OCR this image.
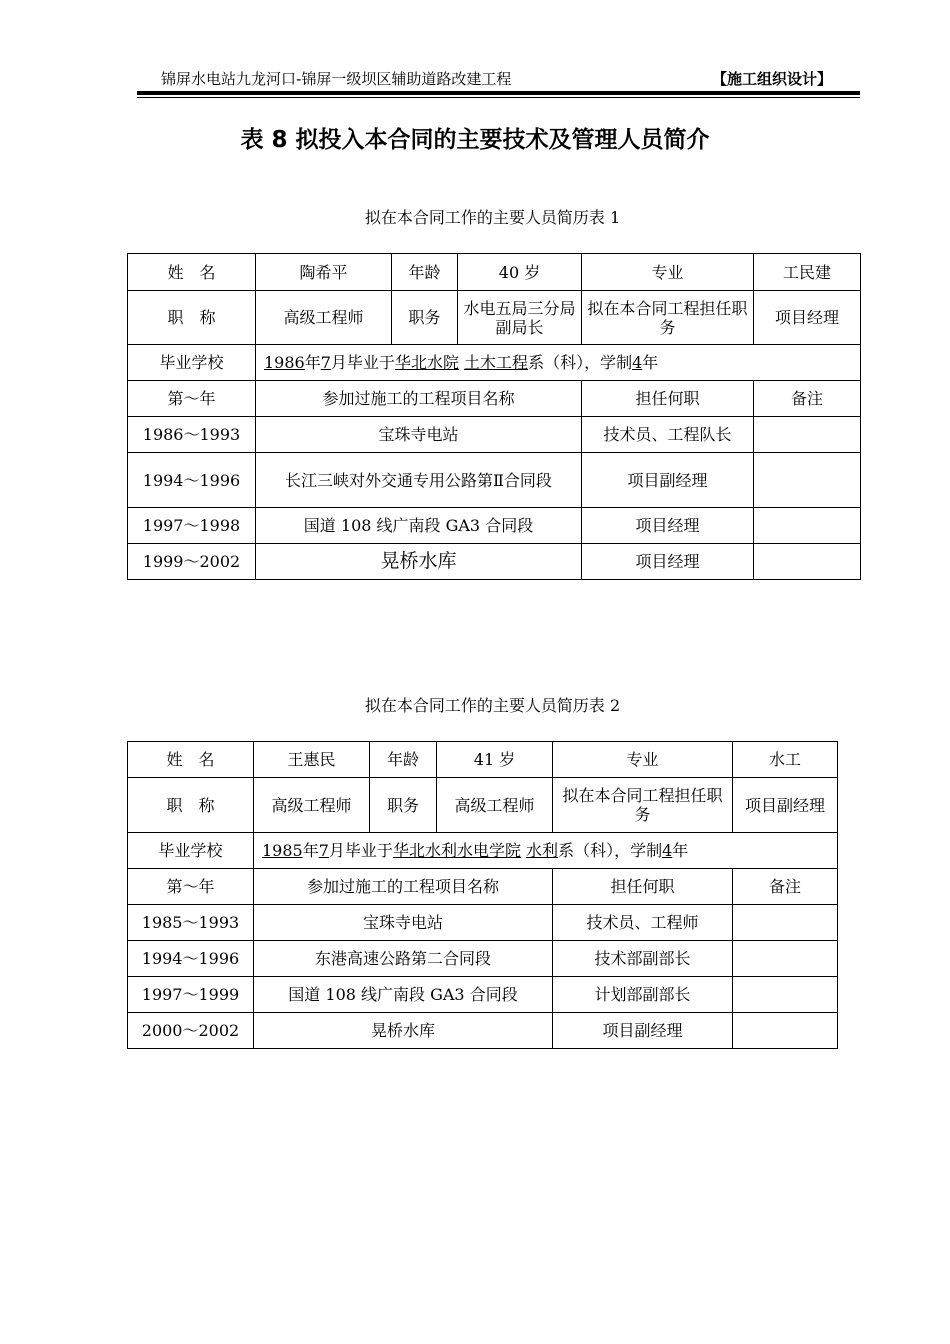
锦屏水电站九龙河口-锦屏一级坝区辅助道路改建工程	【施工组织设计】
表 8 拟投入本合同的主要技术及管理人员简介
拟在本合同工作的主要人员简历表 1
姓　名	陶希平	年龄	40 岁	专业	工民建
职　称	高级工程师	职务	水电五局三分局副局长	拟在本合同工程担任职务	项目经理
毕业学校	1986年7月毕业于华北水院 土木工程系（科），学制4年				
第～年	参加过施工的工程项目名称			担任何职	备注
1986～1993	宝珠寺电站			技术员、工程队长	
1994～1996	长江三峡对外交通专用公路第Ⅱ合同段			项目副经理	
1997～1998	国道 108 线广南段 GA3 合同段			项目经理	
1999～2002	晃桥水库			项目经理	
拟在本合同工作的主要人员简历表 2
姓　名	王惠民	年龄	41 岁	专业	水工
职　称	高级工程师	职务	高级工程师	拟在本合同工程担任职务	项目副经理
毕业学校	1985年7月毕业于华北水利水电学院 水利系（科），学制4年				
第～年	参加过施工的工程项目名称			担任何职	备注
1985～1993	宝珠寺电站			技术员、工程师	
1994～1996	东港高速公路第二合同段			技术部副部长	
1997～1999	国道 108 线广南段 GA3 合同段			计划部副部长	
2000～2002	晃桥水库			项目副经理	
